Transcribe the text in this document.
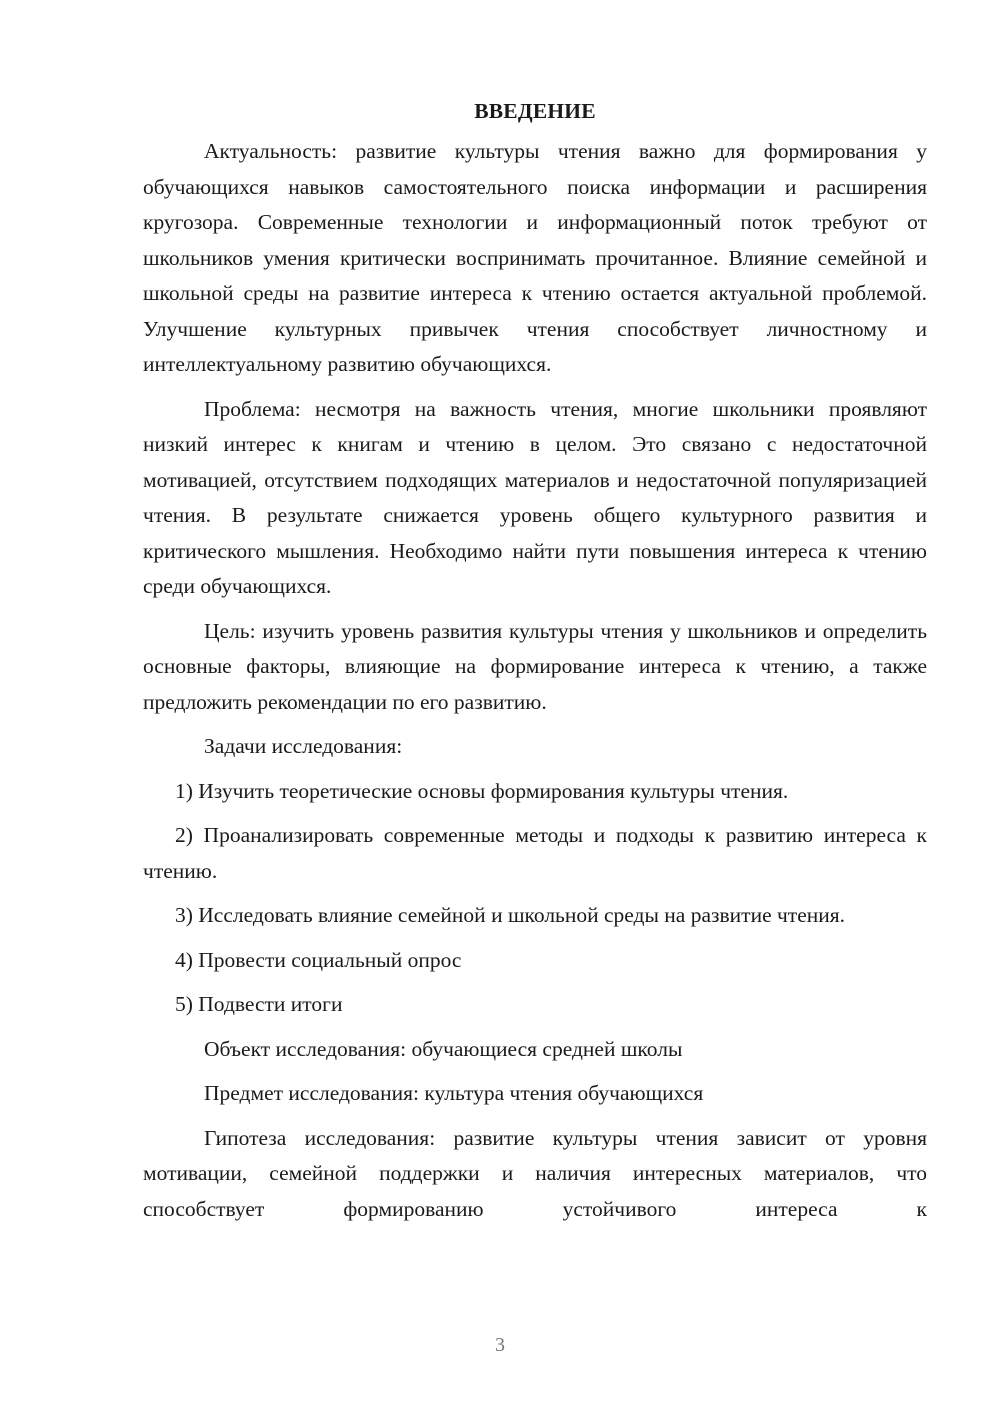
ВВЕДЕНИЕ

Актуальность: развитие культуры чтения важно для формирования у обучающихся навыков самостоятельного поиска информации и расширения кругозора. Современные технологии и информационный поток требуют от школьников умения критически воспринимать прочитанное. Влияние семейной и школьной среды на развитие интереса к чтению остается актуальной проблемой. Улучшение культурных привычек чтения способствует личностному и интеллектуальному развитию обучающихся.

Проблема: несмотря на важность чтения, многие школьники проявляют низкий интерес к книгам и чтению в целом. Это связано с недостаточной мотивацией, отсутствием подходящих материалов и недостаточной популяризацией чтения. В результате снижается уровень общего культурного развития и критического мышления. Необходимо найти пути повышения интереса к чтению среди обучающихся.

Цель: изучить уровень развития культуры чтения у школьников и определить основные факторы, влияющие на формирование интереса к чтению, а также предложить рекомендации по его развитию.

Задачи исследования:

1) Изучить теоретические основы формирования культуры чтения.

2) Проанализировать современные методы и подходы к развитию интереса к чтению.

3) Исследовать влияние семейной и школьной среды на развитие чтения.

4) Провести социальный опрос

5) Подвести итоги

Объект исследования: обучающиеся средней школы

Предмет исследования: культура чтения обучающихся

Гипотеза исследования: развитие культуры чтения зависит от уровня мотивации, семейной поддержки и наличия интересных материалов, что способствует формированию устойчивого интереса к

3
